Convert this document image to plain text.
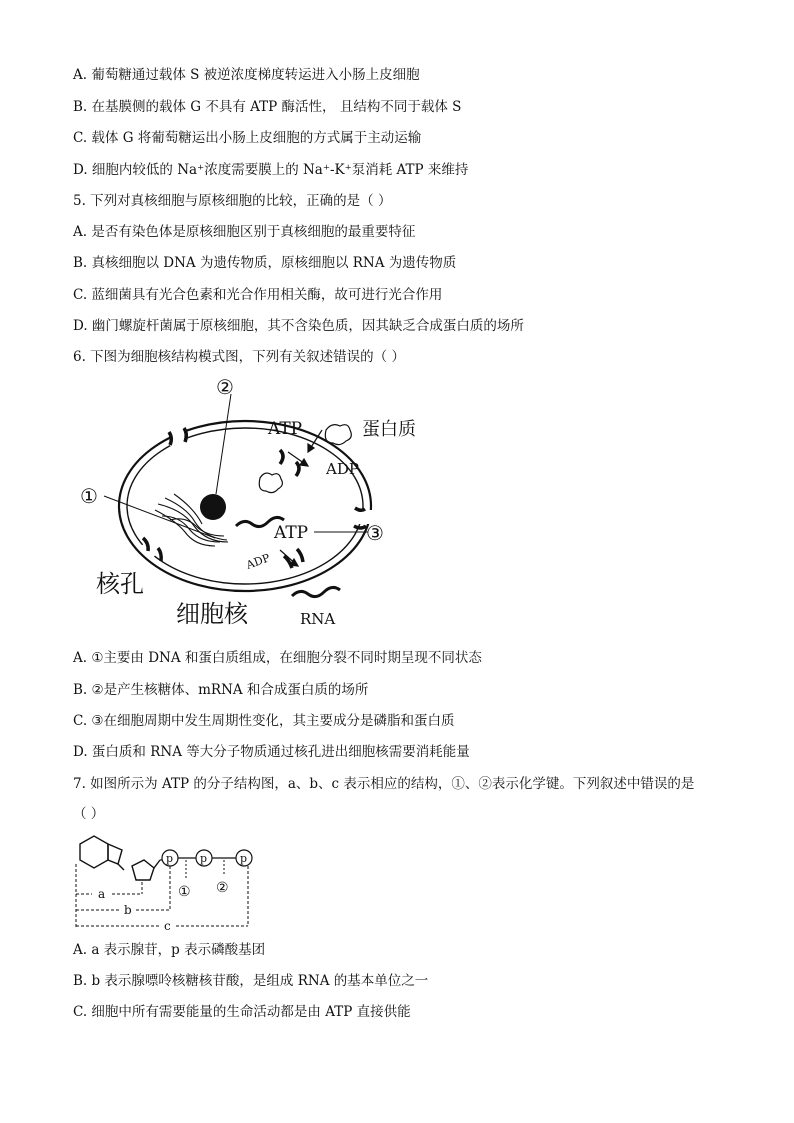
A. 葡萄糖通过载体 S 被逆浓度梯度转运进入小肠上皮细胞
B. 在基膜侧的载体 G 不具有 ATP 酶活性， 且结构不同于载体 S
C. 载体 G 将葡萄糖运出小肠上皮细胞的方式属于主动运输
D. 细胞内较低的 Na⁺浓度需要膜上的 Na⁺-K⁺泵消耗 ATP 来维持
5. 下列对真核细胞与原核细胞的比较，正确的是（ ）
A. 是否有染色体是原核细胞区别于真核细胞的最重要特征
B. 真核细胞以 DNA 为遗传物质，原核细胞以 RNA 为遗传物质
C. 蓝细菌具有光合色素和光合作用相关酶，故可进行光合作用
D. 幽门螺旋杆菌属于原核细胞，其不含染色质，因其缺乏合成蛋白质的场所
6. 下图为细胞核结构模式图，下列有关叙述错误的（ ）
A. ①主要由 DNA 和蛋白质组成，在细胞分裂不同时期呈现不同状态
B. ②是产生核糖体、mRNA 和合成蛋白质的场所
C. ③在细胞周期中发生周期性变化，其主要成分是磷脂和蛋白质
D. 蛋白质和 RNA 等大分子物质通过核孔进出细胞核需要消耗能量
7. 如图所示为 ATP 的分子结构图，a、b、c 表示相应的结构，①、②表示化学键。下列叙述中错误的是
（ ）
A. a 表示腺苷，p 表示磷酸基团
B. b 表示腺嘌呤核糖核苷酸，是组成 RNA 的基本单位之一
C. 细胞中所有需要能量的生命活动都是由 ATP 直接供能
②
①
③
ATP	蛋白质
ADP
ATP
ADP
核孔
细胞核	RNA
p p	p
① ②
a
b
c
